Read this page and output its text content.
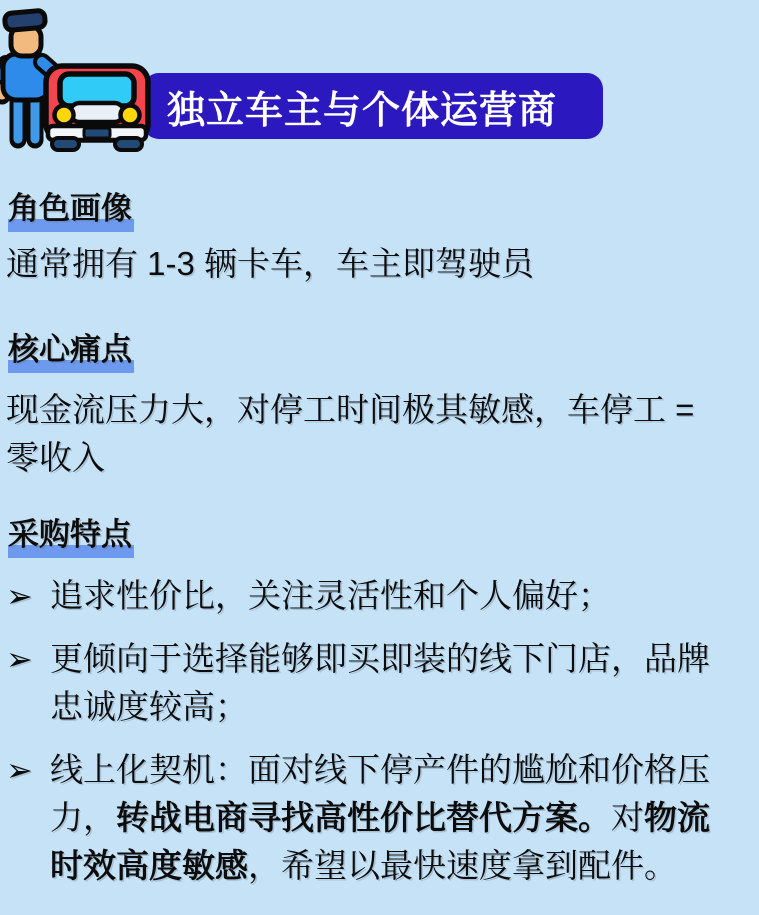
独立车主与个体运营商
角色画像
通常拥有 1-3 辆卡车，车主即驾驶员
核心痛点
现金流压力大，对停工时间极其敏感，车停工 = 零收入
采购特点
➢ 追求性价比，关注灵活性和个人偏好；
➢ 更倾向于选择能够即买即装的线下门店，品牌忠诚度较高；
➢ 线上化契机：面对线下停产件的尴尬和价格压力，转战电商寻找高性价比替代方案。对物流时效高度敏感，希望以最快速度拿到配件。
